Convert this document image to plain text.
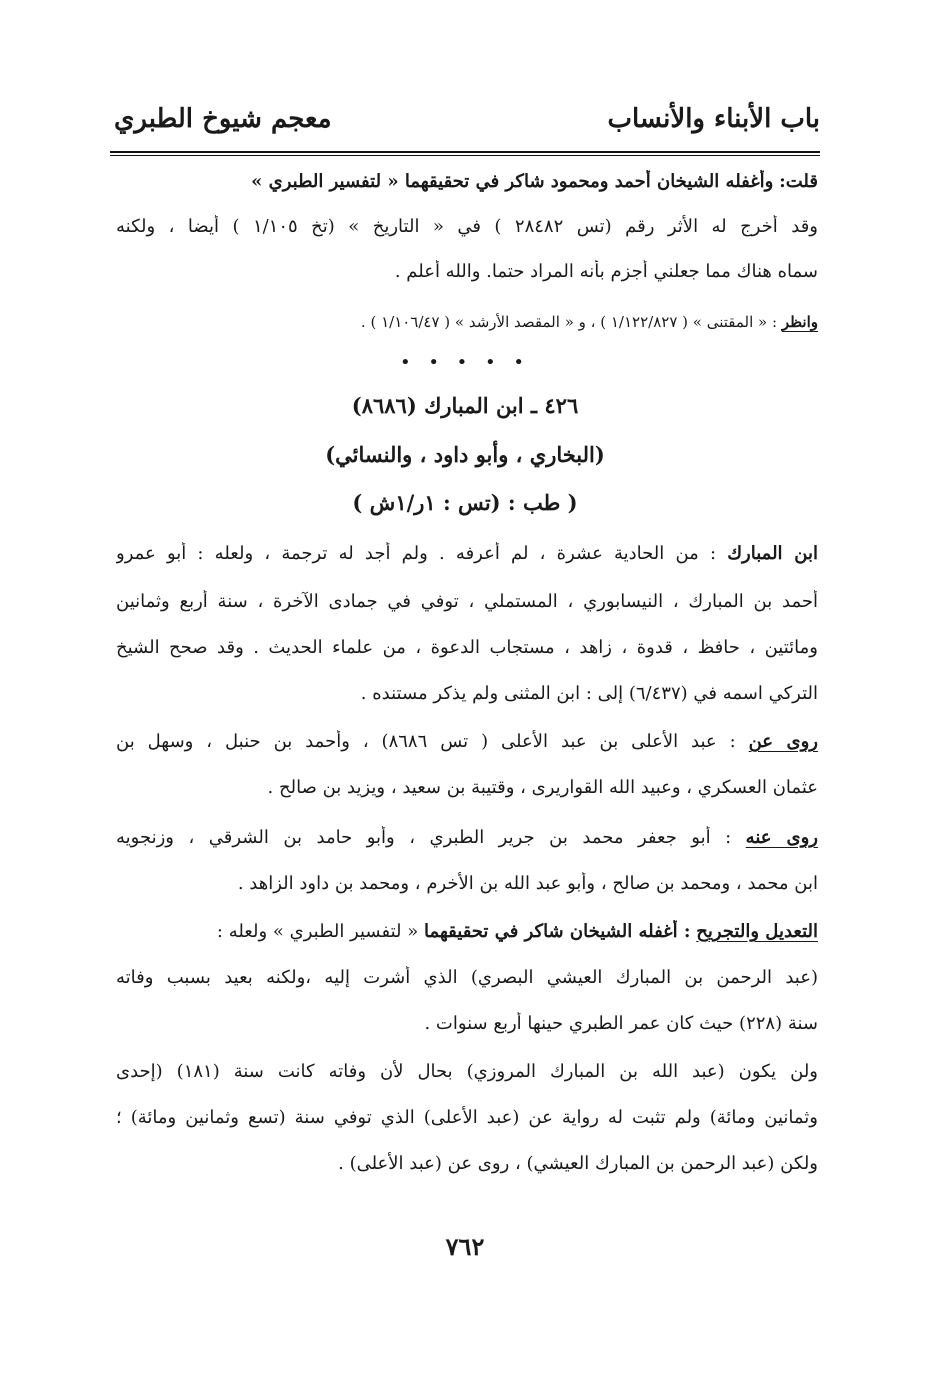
باب الأبناء والأنساب
معجم شيوخ الطبري
قلت: وأغفله الشيخان أحمد ومحمود شاكر في تحقيقهما « لتفسير الطبري »
وقد أخرج له الأثر رقم (تس ٢٨٤٨٢ ) في « التاريخ » (تخ ١/١٠٥ ) أيضا ، ولكنه
سماه هناك مما جعلني أجزم بأنه المراد حتما. والله أعلم .
وانظر : « المقتنى » ( ١/١٢٢/٨٢٧ ) ، و « المقصد الأرشد » ( ١/١٠٦/٤٧ ) .
• • • • •
٤٢٦ ـ ابن المبارك (٨٦٨٦)
(البخاري ، وأبو داود ، والنسائي)
( طب : (تس : ١ر/١ش )
ابن المبارك : من الحادية عشرة ، لم أعرفه . ولم أجد له ترجمة ، ولعله : أبو عمرو
أحمد بن المبارك ، النيسابوري ، المستملي ، توفي في جمادى الآخرة ، سنة أربع وثمانين
ومائتين ، حافظ ، قدوة ، زاهد ، مستجاب الدعوة ، من علماء الحديث . وقد صحح الشيخ
التركي اسمه في (٦/٤٣٧) إلى : ابن المثنى ولم يذكر مستنده .
روى عن : عبد الأعلى بن عبد الأعلى ( تس ٨٦٨٦) ، وأحمد بن حنبل ، وسهل بن
عثمان العسكري ، وعبيد الله القواريرى ، وقتيبة بن سعيد ، ويزيد بن صالح .
روى عنه : أبو جعفر محمد بن جرير الطبري ، وأبو حامد بن الشرقي ، وزنجويه
ابن محمد ، ومحمد بن صالح ، وأبو عبد الله بن الأخرم ، ومحمد بن داود الزاهد .
التعديل والتجريح : أغفله الشيخان شاكر في تحقيقهما « لتفسير الطبري » ولعله :
(عبد الرحمن بن المبارك العيشي البصري) الذي أشرت إليه ،ولكنه بعيد بسبب وفاته
سنة (٢٢٨) حيث كان عمر الطبري حينها أربع سنوات .
ولن يكون (عبد الله بن المبارك المروزي) بحال لأن وفاته كانت سنة (١٨١) (إحدى
وثمانين ومائة) ولم تثبت له رواية عن (عبد الأعلى) الذي توفي سنة (تسع وثمانين ومائة) ؛
ولكن (عبد الرحمن بن المبارك العيشي) ، روى عن (عبد الأعلى) .
٧٦٢
